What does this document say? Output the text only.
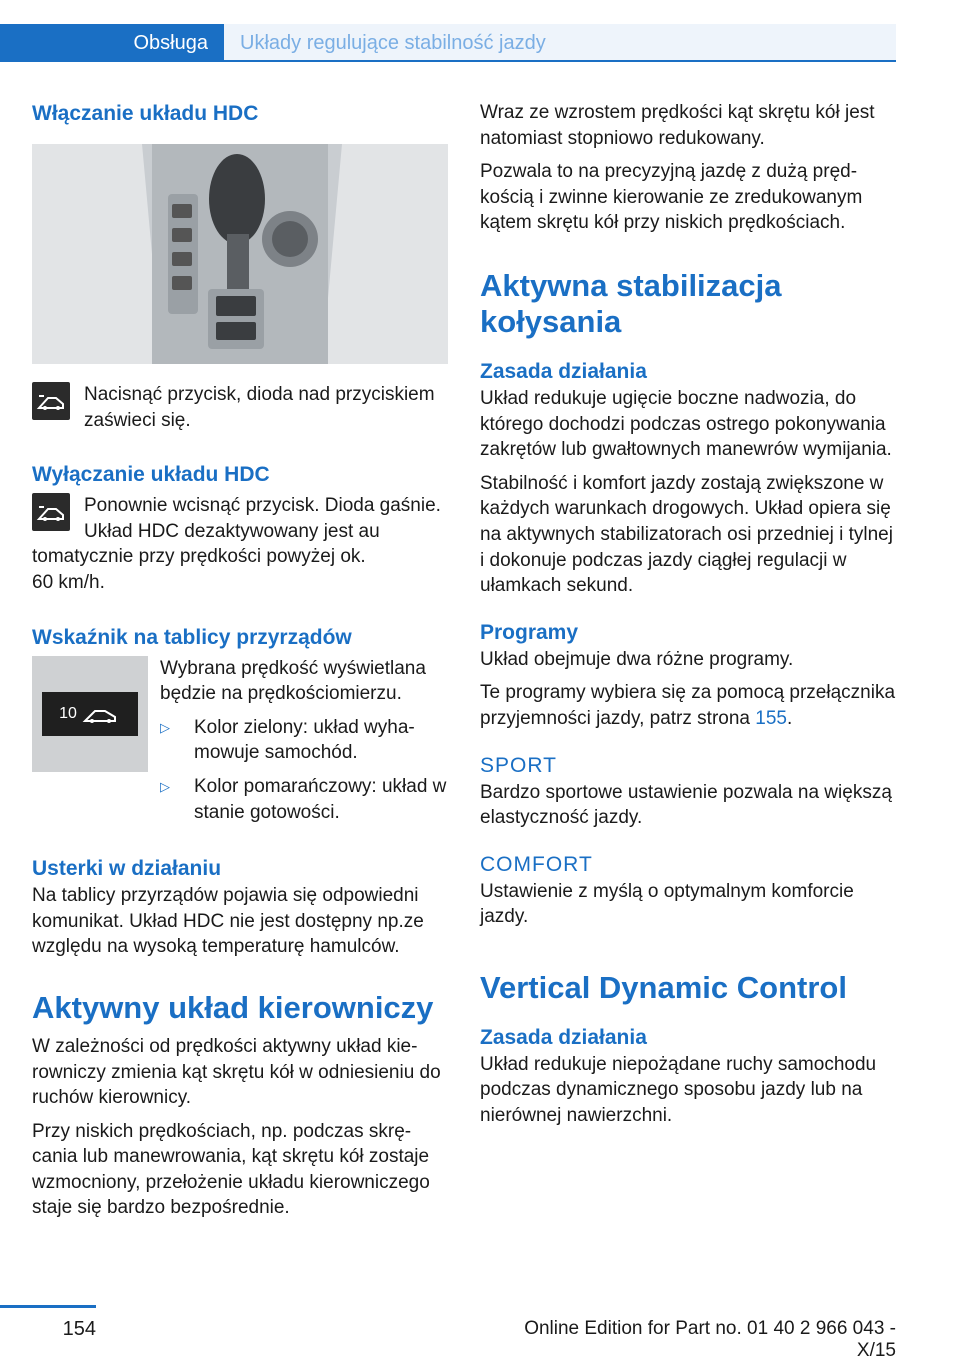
Obsługa	Układy regulujące stabilność jazdy
Włączanie układu HDC

Nacisnąć przycisk, dioda nad przyciskiem zaświeci się.

Wyłączanie układu HDC

Ponownie wcisnąć przycisk. Dioda gaśnie. Układ HDC dezaktywowany jest au

tomatycznie przy prędkości powyżej ok.

60 km/h.

Wskaźnik na tablicy przyrządów
10

Wybrana prędkość wyświetlana będzie na prędkościomierzu.

▷	Kolor zielony: układ wyhamowuje samochód.
▷	Kolor pomarańczowy: układ w stanie gotowości.
Usterki w działaniu

Na tablicy przyrządów pojawia się odpowiedni komunikat. Układ HDC nie jest dostępny np.ze względu na wysoką temperaturę hamulców.

Aktywny układ kierowniczy

W zależności od prędkości aktywny układ kierowniczy zmienia kąt skrętu kół w odniesieniu do ruchów kierownicy.

Przy niskich prędkościach, np. podczas skręcania lub manewrowania, kąt skrętu kół zostaje wzmocniony, przełożenie układu kierowniczego staje się bardzo bezpośrednie.

Wraz ze wzrostem prędkości kąt skrętu kół jest natomiast stopniowo redukowany.

Pozwala to na precyzyjną jazdę z dużą prędkością i zwinne kierowanie ze zredukowanym kątem skrętu kół przy niskich prędkościach.

Aktywna stabilizacja kołysania
Zasada działania

Układ redukuje ugięcie boczne nadwozia, do którego dochodzi podczas ostrego pokonywania zakrętów lub gwałtownych manewrów wymijania.

Stabilność i komfort jazdy zostają zwiększone w każdych warunkach drogowych. Układ opiera się na aktywnych stabilizatorach osi przedniej i tylnej i dokonuje podczas jazdy ciągłej regulacji w ułamkach sekund.

Programy

Układ obejmuje dwa różne programy.

Te programy wybiera się za pomocą przełącznika przyjemności jazdy, patrz strona 155.

SPORT

Bardzo sportowe ustawienie pozwala na większą elastyczność jazdy.

COMFORT

Ustawienie z myślą o optymalnym komforcie jazdy.

Vertical Dynamic Control
Zasada działania

Układ redukuje niepożądane ruchy samochodu podczas dynamicznego sposobu jazdy lub na nierównej nawierzchni.

154	Online Edition for Part no. 01 40 2 966 043 - X/15
